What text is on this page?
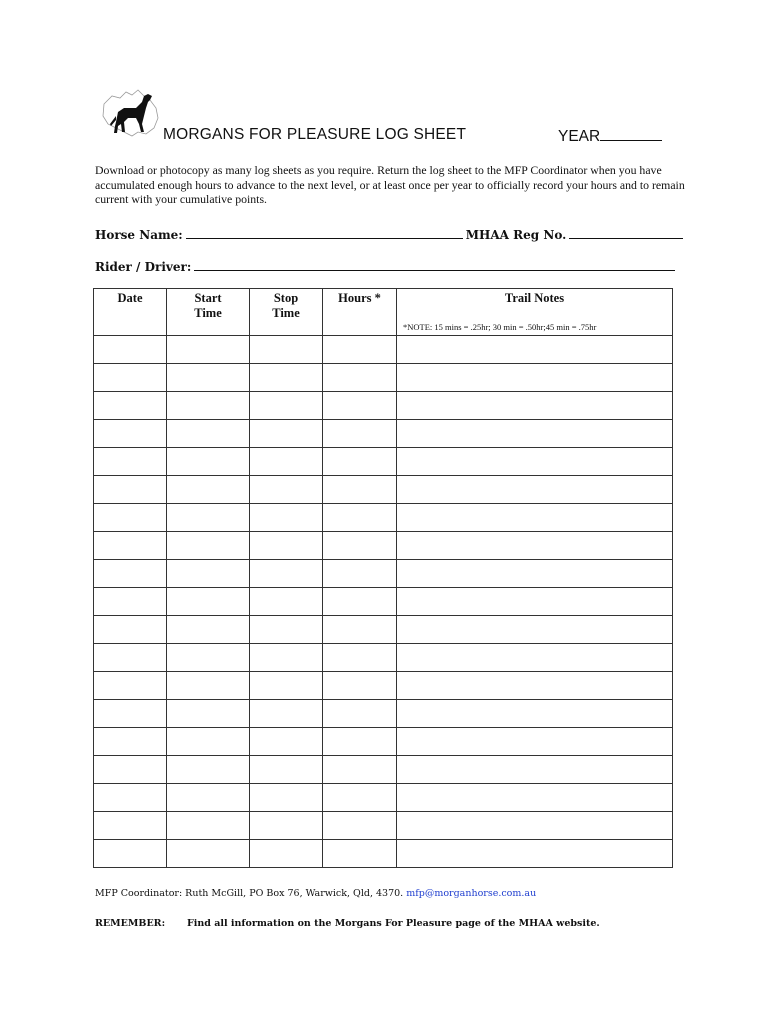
MORGANS FOR PLEASURE LOG SHEET	YEAR
Download or photocopy as many log sheets as you require. Return the log sheet to the MFP Coordinator when you have accumulated enough hours to advance to the next level, or at least once per year to officially record your hours and to remain current with your cumulative points.
Horse Name:	MHAA Reg No.
Rider / Driver:
Date	Start Time	Stop Time	Hours *	Trail Notes
*NOTE: 15 mins = .25hr; 30 min = .50hr;45 min = .75hr

MFP Coordinator: Ruth McGill, PO Box 76, Warwick, Qld, 4370. mfp@morganhorse.com.au
REMEMBER: Find all information on the Morgans For Pleasure page of the MHAA website.
